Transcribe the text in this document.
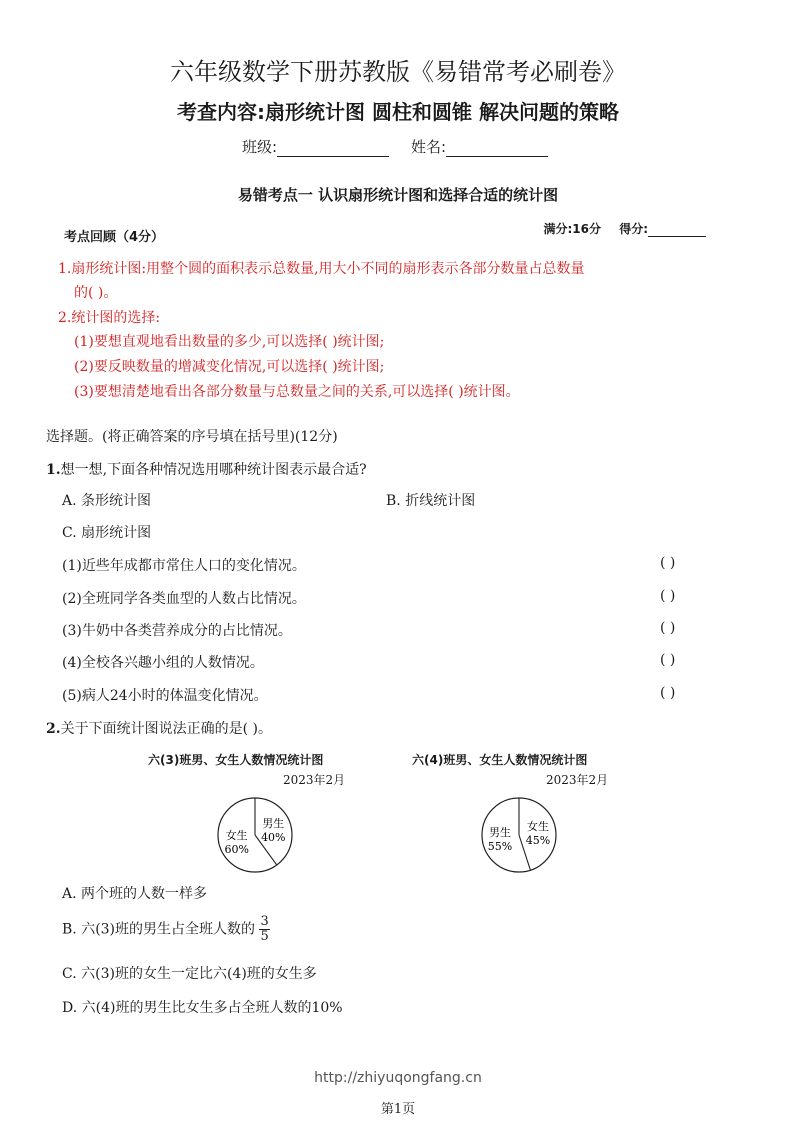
六年级数学下册苏教版《易错常考必刷卷》
考查内容:扇形统计图 圆柱和圆锥 解决问题的策略
班级:	姓名:
易错考点一 认识扇形统计图和选择合适的统计图
考点回顾（4分）
满分:16分 得分:
1.扇形统计图:用整个圆的面积表示总数量,用大小不同的扇形表示各部分数量占总数量
的( )。
2.统计图的选择:
(1)要想直观地看出数量的多少,可以选择( )统计图;
(2)要反映数量的增减变化情况,可以选择( )统计图;
(3)要想清楚地看出各部分数量与总数量之间的关系,可以选择( )统计图。
选择题。(将正确答案的序号填在括号里)(12分)
1.想一想,下面各种情况选用哪种统计图表示最合适?
A. 条形统计图	B. 折线统计图
C. 扇形统计图
(1)近些年成都市常住人口的变化情况。	( )
(2)全班同学各类血型的人数占比情况。	( )
(3)牛奶中各类营养成分的占比情况。	( )
(4)全校各兴趣小组的人数情况。	( )
(5)病人24小时的体温变化情况。	( )
2.关于下面统计图说法正确的是( )。
六(3)班男、女生人数情况统计图
2023年2月
男生
40%
女生
60%
六(4)班男、女生人数情况统计图
2023年2月
女生
45%
男生
55%
A. 两个班的人数一样多
B. 六(3)班的男生占全班人数的 $\frac{3}{5}$
C. 六(3)班的女生一定比六(4)班的女生多
D. 六(4)班的男生比女生多占全班人数的10%
http://zhiyuqongfang.cn
第1页
